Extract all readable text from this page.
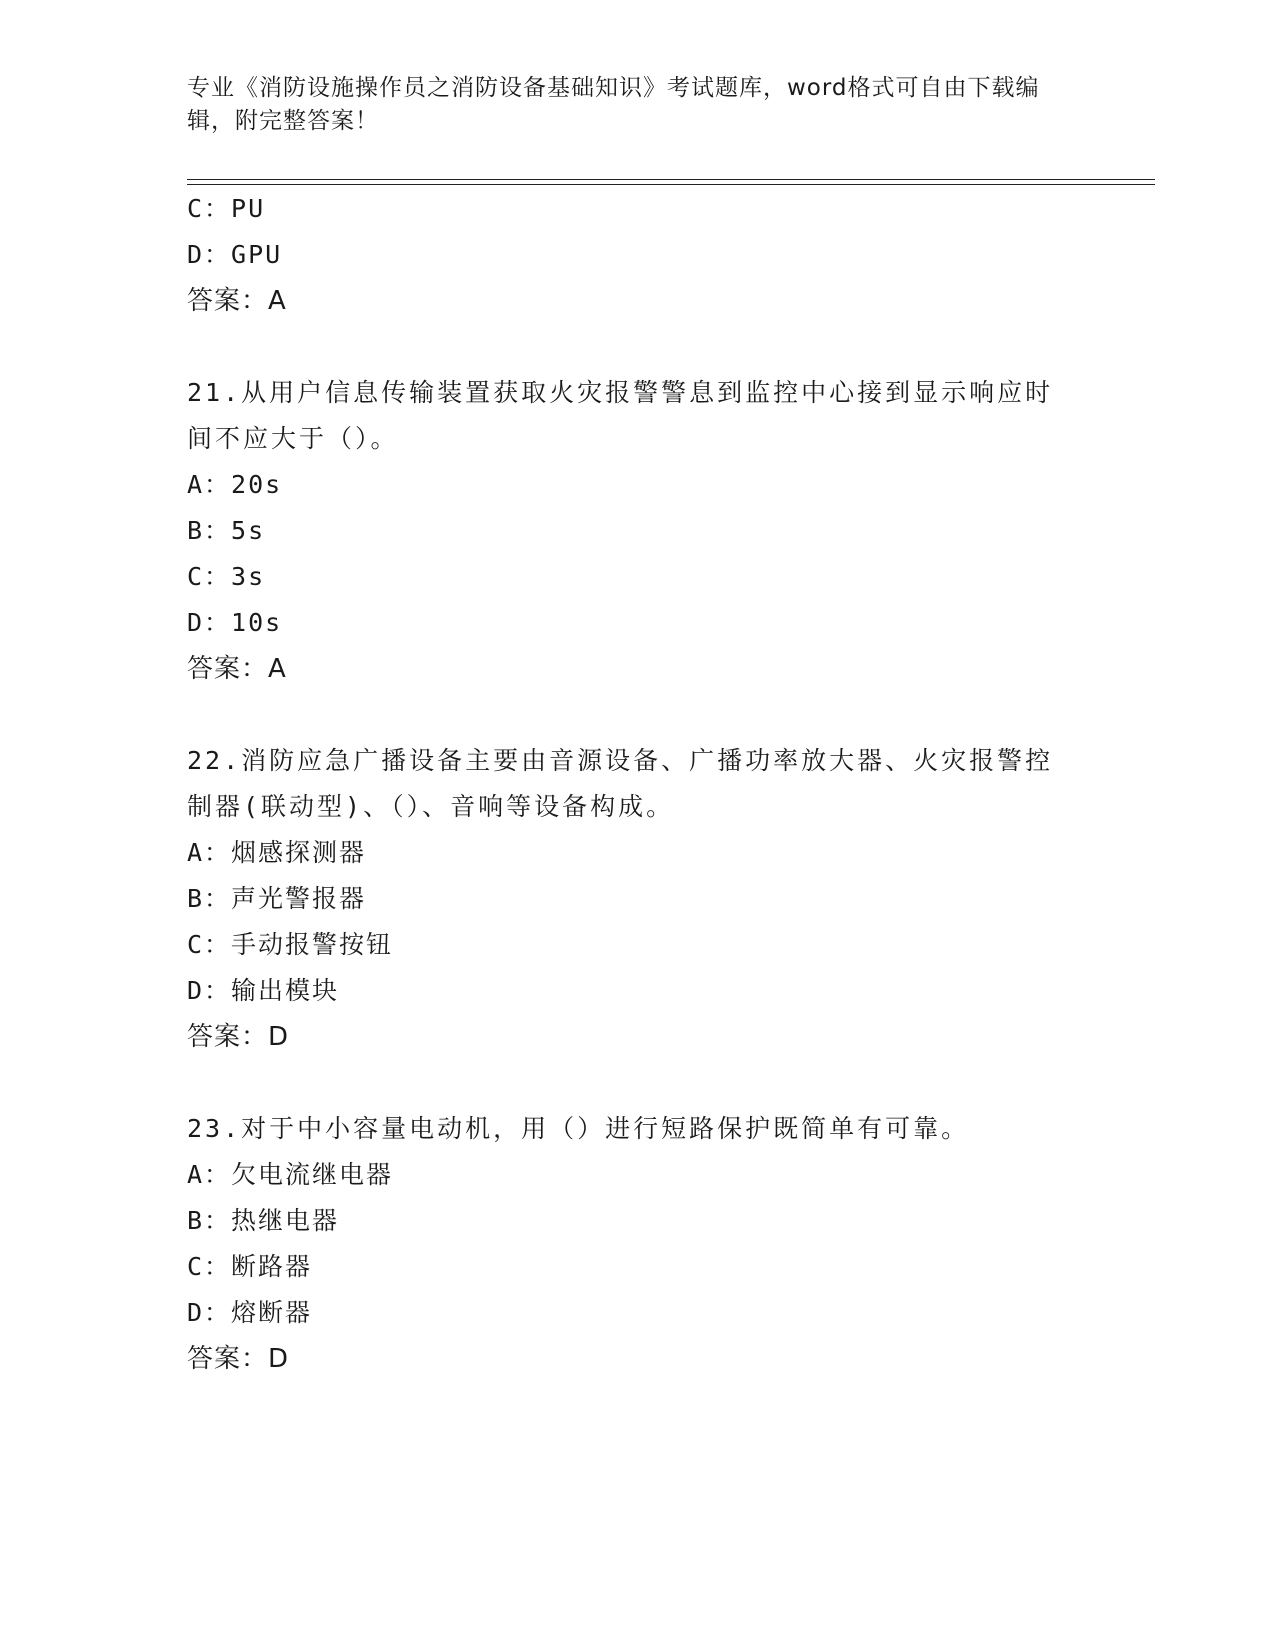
专业《消防设施操作员之消防设备基础知识》考试题库，word格式可自由下载编辑，附完整答案！
C：PU
D：GPU
答案：A
21.从用户信息传输装置获取火灾报警警息到监控中心接到显示响应时间不应大于（）。
A：20s
B：5s
C：3s
D：10s
答案：A
22.消防应急广播设备主要由音源设备、广播功率放大器、火灾报警控制器(联动型)、（）、音响等设备构成。
A：烟感探测器
B：声光警报器
C：手动报警按钮
D：输出模块
答案：D
23.对于中小容量电动机，用（）进行短路保护既简单有可靠。
A：欠电流继电器
B：热继电器
C：断路器
D：熔断器
答案：D
